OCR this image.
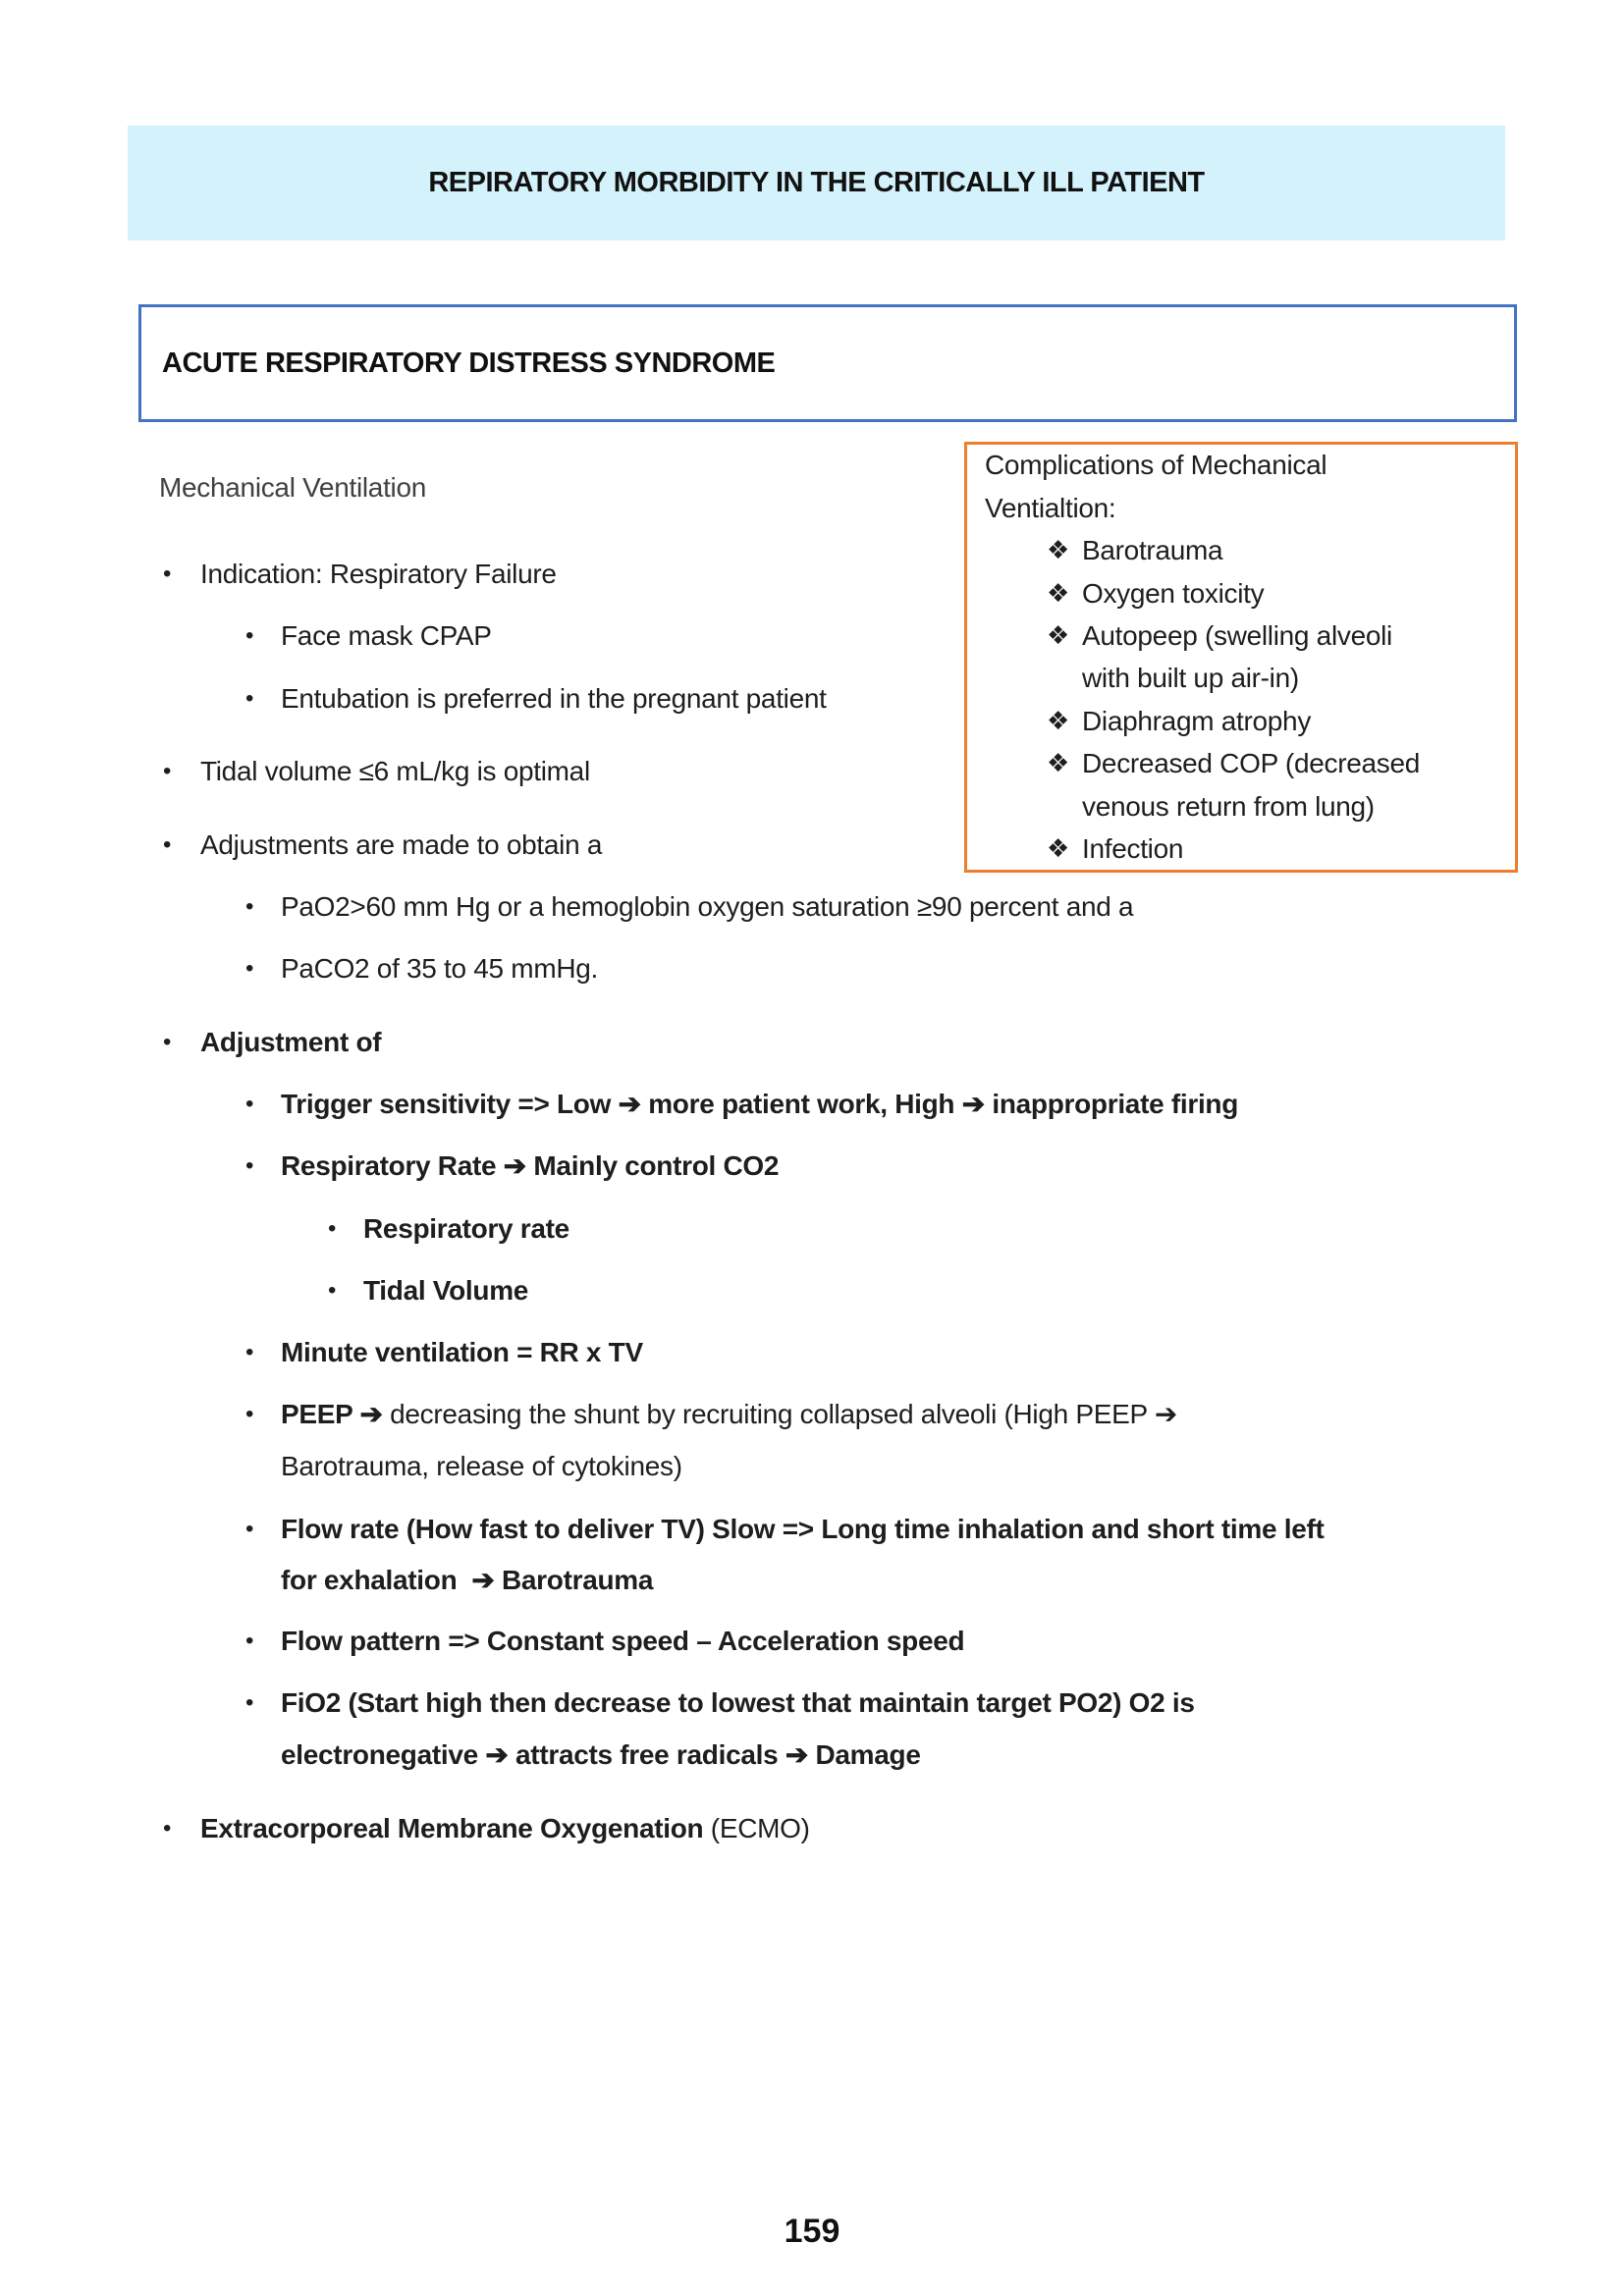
REPIRATORY MORBIDITY IN THE CRITICALLY ILL PATIENT
ACUTE RESPIRATORY DISTRESS SYNDROME
Mechanical Ventilation
• Indication: Respiratory Failure
• Face mask CPAP
• Entubation is preferred in the pregnant patient
• Tidal volume ≤6 mL/kg is optimal
• Adjustments are made to obtain a
• PaO2>60 mm Hg or a hemoglobin oxygen saturation ≥90 percent and a
• PaCO2 of 35 to 45 mmHg.
• Adjustment of
• Trigger sensitivity => Low ➔ more patient work, High ➔ inappropriate firing
• Respiratory Rate ➔ Mainly control CO2
• Respiratory rate
• Tidal Volume
• Minute ventilation = RR x TV
• PEEP ➔ decreasing the shunt by recruiting collapsed alveoli (High PEEP ➔
Barotrauma, release of cytokines)
• Flow rate (How fast to deliver TV) Slow => Long time inhalation and short time left
for exhalation  ➔ Barotrauma
• Flow pattern => Constant speed – Acceleration speed
• FiO2 (Start high then decrease to lowest that maintain target PO2) O2 is
electronegative ➔ attracts free radicals ➔ Damage
• Extracorporeal Membrane Oxygenation (ECMO)
Complications of Mechanical
Ventialtion:
❖ Barotrauma
❖ Oxygen toxicity
❖ Autopeep (swelling alveoli
with built up air-in)
❖ Diaphragm atrophy
❖ Decreased COP (decreased
venous return from lung)
❖ Infection
159
